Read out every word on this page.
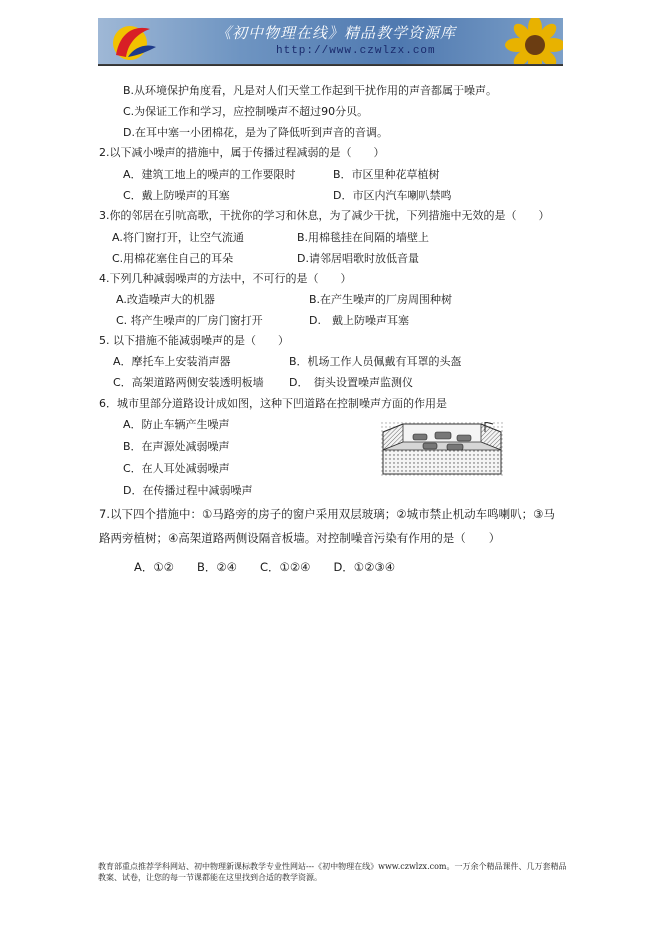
《初中物理在线》精品教学资源库
http://www.czwlzx.com
B.从环境保护角度看，凡是对人们天堂工作起到干扰作用的声音都属于噪声。
C.为保证工作和学习，应控制噪声不超过90分贝。
D.在耳中塞一小团棉花，是为了降低听到声音的音调。
2.以下减小噪声的措施中，属于传播过程减弱的是（　　）
A．建筑工地上的噪声的工作要限时	B．市区里种花草植树
C．戴上防噪声的耳塞	D．市区内汽车喇叭禁鸣
3.你的邻居在引吭高歌，干扰你的学习和休息，为了减少干扰，下列措施中无效的是（　　）
A.将门窗打开，让空气流通	B.用棉毯挂在间隔的墙壁上
C.用棉花塞住自己的耳朵	D.请邻居唱歌时放低音量
4.下列几种减弱噪声的方法中，不可行的是（　　）
A.改造噪声大的机器	B.在产生噪声的厂房周围种树
C. 将产生噪声的厂房门窗打开	D.　戴上防噪声耳塞
5. 以下措施不能减弱噪声的是（　　）
A．摩托车上安装消声器	B．机场工作人员佩戴有耳罩的头盔
C．高架道路两侧安装透明板墙 D．　街头设置噪声监测仪
6．城市里部分道路设计成如图，这种下凹道路在控制噪声方面的作用是
A．防止车辆产生噪声
B．在声源处减弱噪声
C．在人耳处减弱噪声
D．在传播过程中减弱噪声
7.以下四个措施中：①马路旁的房子的窗户采用双层玻璃；②城市禁止机动车鸣喇叭；③马
路两旁植树；④高架道路两侧设隔音板墙。对控制噪音污染有作用的是（　　）
A．①②　　B．②④　　C．①②④　　D．①②③④
教育部重点推荐学科网站、初中物理新课标教学专业性网站---《初中物理在线》www.czwlzx.com。一万余个精品课件、几万套精品教案、试卷，让您的每一节课都能在这里找到合适的教学资源。
